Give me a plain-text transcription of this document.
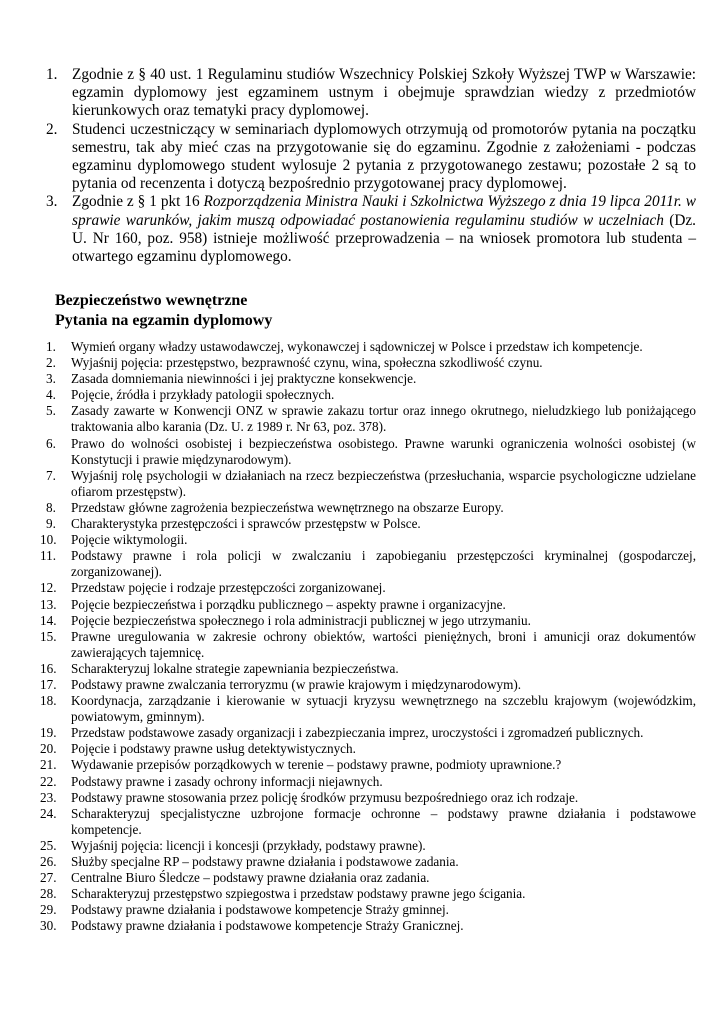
1. Zgodnie z § 40 ust. 1 Regulaminu studiów Wszechnicy Polskiej Szkoły Wyższej TWP w Warszawie: egzamin dyplomowy jest egzaminem ustnym i obejmuje sprawdzian wiedzy z przedmiotów kierunkowych oraz tematyki pracy dyplomowej.
2. Studenci uczestniczący w seminariach dyplomowych otrzymują od promotorów pytania na początku semestru, tak aby mieć czas na przygotowanie się do egzaminu. Zgodnie z założeniami - podczas egzaminu dyplomowego student wylosuje 2 pytania z przygotowanego zestawu; pozostałe 2 są to pytania od recenzenta i dotyczą bezpośrednio przygotowanej pracy dyplomowej.
3. Zgodnie z § 1 pkt 16 Rozporządzenia Ministra Nauki i Szkolnictwa Wyższego z dnia 19 lipca 2011r. w sprawie warunków, jakim muszą odpowiadać postanowienia regulaminu studiów w uczelniach (Dz. U. Nr 160, poz. 958) istnieje możliwość przeprowadzenia – na wniosek promotora lub studenta – otwartego egzaminu dyplomowego.
Bezpieczeństwo wewnętrzne
Pytania na egzamin dyplomowy
1. Wymień organy władzy ustawodawczej, wykonawczej i sądowniczej w Polsce i przedstaw ich kompetencje.
2. Wyjaśnij pojęcia: przestępstwo, bezprawność czynu, wina, społeczna szkodliwość czynu.
3. Zasada domniemania niewinności i jej praktyczne konsekwencje.
4. Pojęcie, źródła i przykłady patologii społecznych.
5. Zasady zawarte w Konwencji ONZ w sprawie zakazu tortur oraz innego okrutnego, nieludzkiego lub poniżającego traktowania albo karania (Dz. U. z 1989 r. Nr 63, poz. 378).
6. Prawo do wolności osobistej i bezpieczeństwa osobistego. Prawne warunki ograniczenia wolności osobistej (w Konstytucji i prawie międzynarodowym).
7. Wyjaśnij rolę psychologii w działaniach na rzecz bezpieczeństwa (przesłuchania, wsparcie psychologiczne udzielane ofiarom przestępstw).
8. Przedstaw główne zagrożenia bezpieczeństwa wewnętrznego na obszarze Europy.
9. Charakterystyka przestępczości i sprawców przestępstw w Polsce.
10. Pojęcie wiktymologii.
11. Podstawy prawne i rola policji w zwalczaniu i zapobieganiu przestępczości kryminalnej (gospodarczej, zorganizowanej).
12. Przedstaw pojęcie i rodzaje przestępczości zorganizowanej.
13. Pojęcie bezpieczeństwa i porządku publicznego – aspekty prawne i organizacyjne.
14. Pojęcie bezpieczeństwa społecznego i rola administracji publicznej w jego utrzymaniu.
15. Prawne uregulowania w zakresie ochrony obiektów, wartości pieniężnych, broni i amunicji oraz dokumentów zawierających tajemnicę.
16. Scharakteryzuj lokalne strategie zapewniania bezpieczeństwa.
17. Podstawy prawne zwalczania terroryzmu (w prawie krajowym i międzynarodowym).
18. Koordynacja, zarządzanie i kierowanie w sytuacji kryzysu wewnętrznego na szczeblu krajowym (wojewódzkim, powiatowym, gminnym).
19. Przedstaw podstawowe zasady organizacji i zabezpieczania imprez, uroczystości i zgromadzeń publicznych.
20. Pojęcie i podstawy prawne usług detektywistycznych.
21. Wydawanie przepisów porządkowych w terenie – podstawy prawne, podmioty uprawnione.?
22. Podstawy prawne i zasady ochrony informacji niejawnych.
23. Podstawy prawne stosowania przez policję środków przymusu bezpośredniego oraz ich rodzaje.
24. Scharakteryzuj specjalistyczne uzbrojone formacje ochronne – podstawy prawne działania i podstawowe kompetencje.
25. Wyjaśnij pojęcia: licencji i koncesji (przykłady, podstawy prawne).
26. Służby specjalne RP – podstawy prawne działania i podstawowe zadania.
27. Centralne Biuro Śledcze – podstawy prawne działania oraz zadania.
28. Scharakteryzuj przestępstwo szpiegostwa i przedstaw podstawy prawne jego ścigania.
29. Podstawy prawne działania i podstawowe kompetencje Straży gminnej.
30. Podstawy prawne działania i podstawowe kompetencje Straży Granicznej.
